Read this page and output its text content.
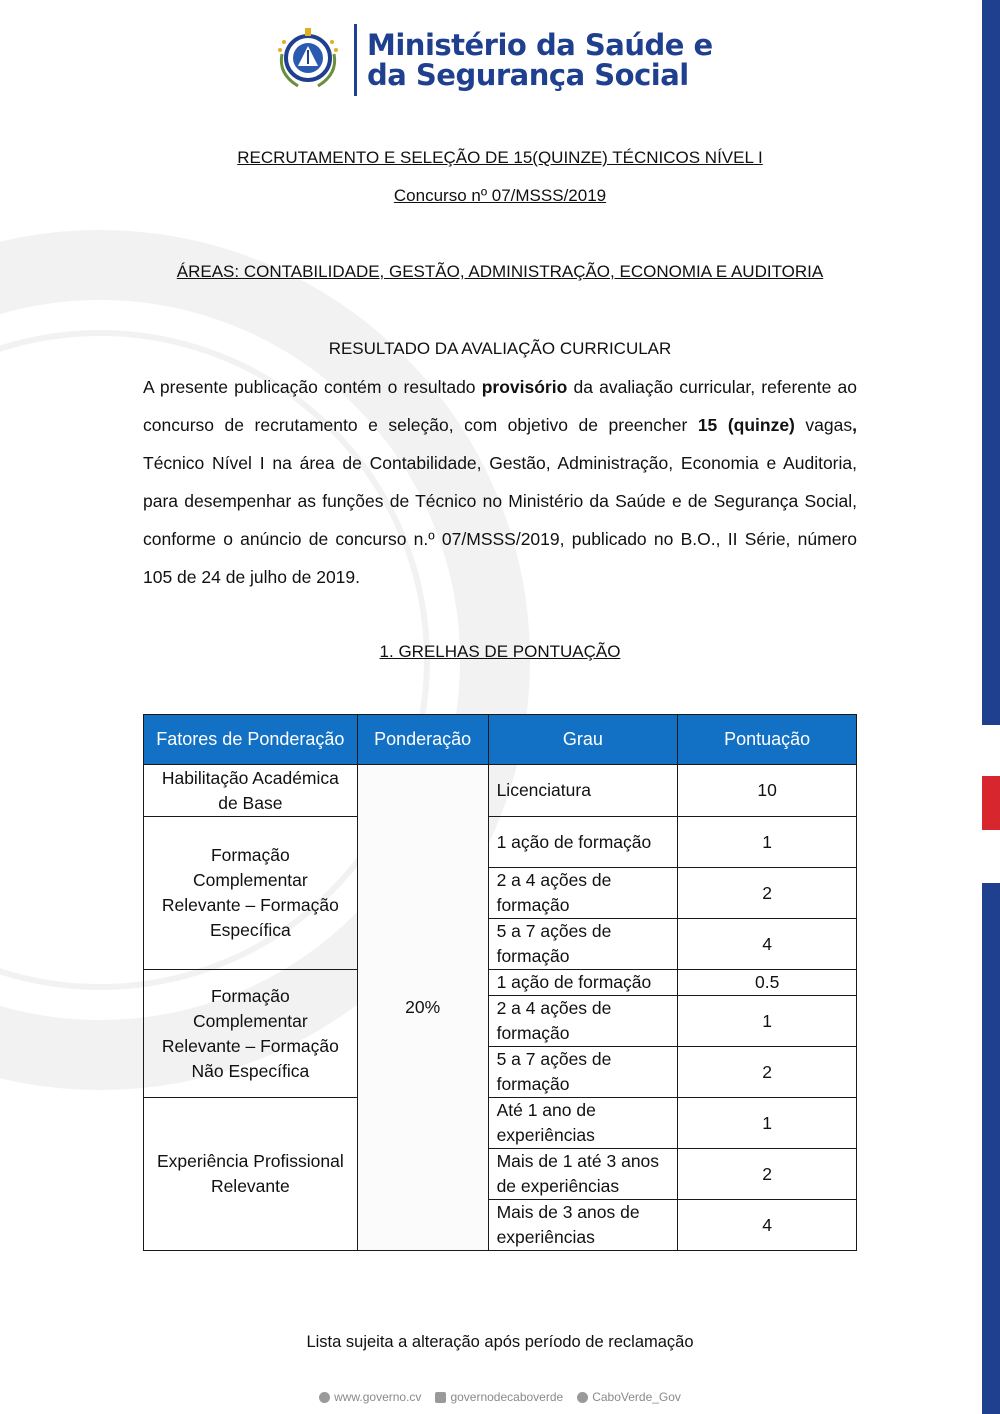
Ministério da Saúde e
da Segurança Social
RECRUTAMENTO E SELEÇÃO DE 15(QUINZE) TÉCNICOS NÍVEL I
Concurso nº 07/MSSS/2019
ÁREAS: CONTABILIDADE, GESTÃO, ADMINISTRAÇÃO, ECONOMIA E AUDITORIA
RESULTADO DA AVALIAÇÃO CURRICULAR
A presente publicação contém o resultado provisório da avaliação curricular, referente ao concurso de recrutamento e seleção, com objetivo de preencher 15 (quinze) vagas, Técnico Nível I na área de Contabilidade, Gestão, Administração, Economia e Auditoria, para desempenhar as funções de Técnico no Ministério da Saúde e de Segurança Social, conforme o anúncio de concurso n.º 07/MSSS/2019, publicado no B.O., II Série, número 105 de 24 de julho de 2019.
1. GRELHAS DE PONTUAÇÃO
Fatores de Ponderação	Ponderação	Grau	Pontuação
Habilitação Académica de Base	20%	Licenciatura	10
Formação Complementar Relevante – Formação Específica		1 ação de formação	1
		2 a 4 ações de formação	2
		5 a 7 ações de formação	4
Formação Complementar Relevante – Formação Não Específica		1 ação de formação	0.5
		2 a 4 ações de formação	1
		5 a 7 ações de formação	2
Experiência Profissional Relevante		Até 1 ano de experiências	1
		Mais de 1 até 3 anos de experiências	2
		Mais de 3 anos de experiências	4
Lista sujeita a alteração após período de reclamação
www.governo.cv governodecaboverde CaboVerde_Gov
